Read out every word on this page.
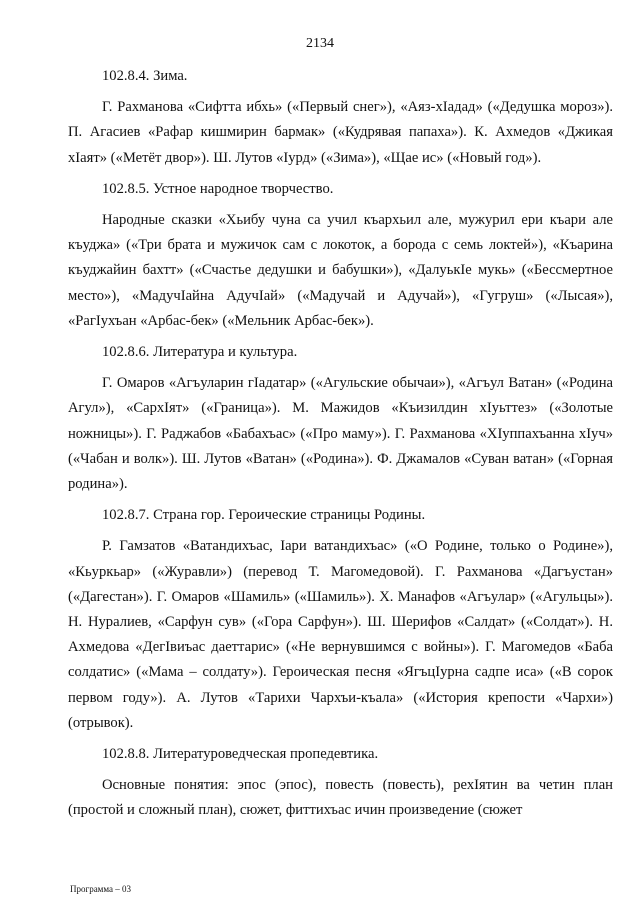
2134

102.8.4. Зима.

Г. Рахманова «Сифтта ибхь» («Первый снег»), «Аяз-хIадад» («Дедушка мороз»). П. Агасиев «Рафар кишмирин бармак» («Кудрявая папаха»). К. Ахмедов «Джикая хIаят» («Метёт двор»). Ш. Лутов «Iурд» («Зима»), «Щае ис» («Новый год»).

102.8.5. Устное народное творчество.

Народные сказки «Хьибу чуна са учил къархьил але, мужурил ери къари але къуджа» («Три брата и мужичок сам с локоток, а борода с семь локтей»), «Къарина къуджайин бахтт» («Счастье дедушки и бабушки»), «ДалуькIе мукь» («Бессмертное место»), «МадучIайна АдучIай» («Мадучай и Адучай»), «Гугруш» («Лысая»), «РагIухъан «Арбас-бек» («Мельник Арбас-бек»).

102.8.6. Литература и культура.

Г. Омаров «Агъуларин гIадатар» («Агульские обычаи»), «Агъул Ватан» («Родина Агул»), «СархIят» («Граница»). М. Мажидов «Къизилдин хIуьттез» («Золотые ножницы»). Г. Раджабов «Бабахъас» («Про маму»). Г. Рахманова «ХIуппахъанна хIуч» («Чабан и волк»). Ш. Лутов «Ватан» («Родина»). Ф. Джамалов «Суван ватан» («Горная родина»).

102.8.7. Страна гор. Героические страницы Родины.

Р. Гамзатов «Ватандихъас, Iари ватандихъас» («О Родине, только о Родине»), «Кьуркьар» («Журавли») (перевод Т. Магомедовой). Г. Рахманова «Дагъустан» («Дагестан»). Г. Омаров «Шамиль» («Шамиль»). Х. Манафов «Агъулар» («Агульцы»). Н. Нуралиев, «Сарфун сув» («Гора Сарфун»). Ш. Шерифов «Салдат» («Солдат»). Н. Ахмедова «ДегIвиъас даеттарис» («Не вернувшимся с войны»). Г. Магомедов «Баба солдатис» («Мама – солдату»). Героическая песня «ЯгъцIурна садпе иса» («В сорок первом году»). А. Лутов «Тарихи Чархъи-къала» («История крепости «Чархи») (отрывок).

102.8.8. Литературоведческая пропедевтика.

Основные понятия: эпос (эпос), повесть (повесть), рехIятин ва четин план (простой и сложный план), сюжет, фиттихъас ичин произведение (сюжет

Программа – 03
